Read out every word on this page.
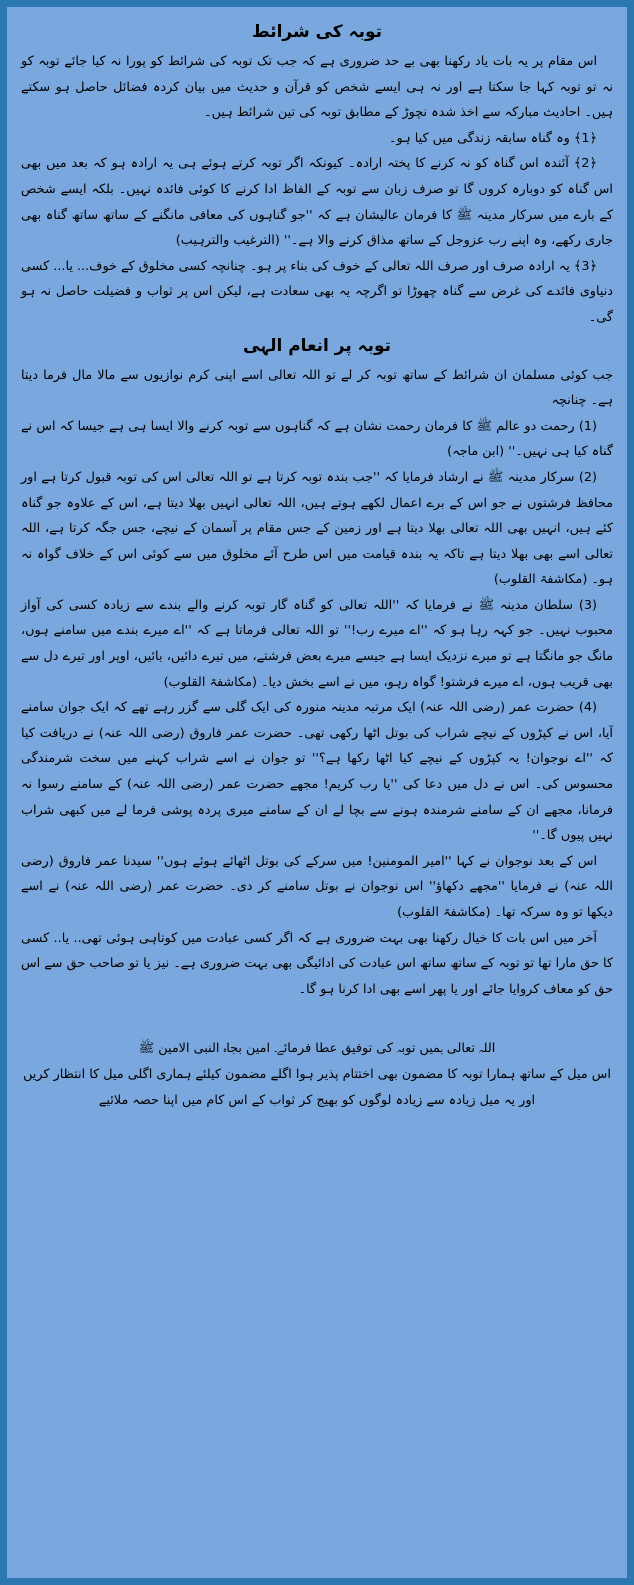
توبہ کی شرائط

اس مقام پر یہ بات یاد رکھنا بھی بے حد ضروری ہے کہ جب تک توبہ کی شرائط کو پورا نہ کیا جائے توبہ کو نہ تو توبہ کہا جا سکتا ہے اور نہ ہی ایسے شخص کو قرآن و حدیث میں بیان کردہ فضائل حاصل ہو سکتے ہیں۔ احادیث مبارکہ سے اخذ شدہ نچوڑ کے مطابق توبہ کی تین شرائط ہیں۔

﴿1﴾ وہ گناہ سابقہ زندگی میں کیا ہو۔

﴿2﴾ آئندہ اس گناہ کو نہ کرنے کا پختہ ارادہ۔ کیونکہ اگر توبہ کرتے ہوئے ہی یہ ارادہ ہو کہ بعد میں بھی اس گناہ کو دوبارہ کروں گا تو صرف زبان سے توبہ کے الفاظ ادا کرنے کا کوئی فائدہ نہیں۔ بلکہ ایسے شخص کے بارے میں سرکار مدینہ ﷺ کا فرمان عالیشان ہے کہ ''جو گناہوں کی معافی مانگنے کے ساتھ ساتھ گناہ بھی جاری رکھے، وہ اپنے رب عزوجل کے ساتھ مذاق کرنے والا ہے۔'' (الترغیب والترہیب)

﴿3﴾ یہ ارادہ صرف اور صرف اللہ تعالی کے خوف کی بناء پر ہو۔ چنانچہ کسی مخلوق کے خوف... یا... کسی دنیاوی فائدے کی غرض سے گناہ چھوڑا تو اگرچہ یہ بھی سعادت ہے، لیکن اس پر ثواب و فضیلت حاصل نہ ہو گی۔

توبہ پر انعام الہی

جب کوئی مسلمان ان شرائط کے ساتھ توبہ کر لے تو اللہ تعالی اسے اپنی کرم نوازیوں سے مالا مال فرما دیتا ہے۔ چنانچہ

(1) رحمت دو عالم ﷺ کا فرمان رحمت نشان ہے کہ گناہوں سے توبہ کرنے والا ایسا ہی ہے جیسا کہ اس نے گناہ کیا ہی نہیں۔'' (ابن ماجہ)

(2) سرکار مدینہ ﷺ نے ارشاد فرمایا کہ ''جب بندہ توبہ کرتا ہے تو اللہ تعالی اس کی توبہ قبول کرتا ہے اور محافظ فرشتوں نے جو اس کے برے اعمال لکھے ہوتے ہیں، اللہ تعالی انہیں بھلا دیتا ہے، اس کے علاوہ جو گناہ کئے ہیں، انہیں بھی اللہ تعالی بھلا دیتا ہے اور زمین کے جس مقام پر آسمان کے نیچے، جس جگہ کرتا ہے، اللہ تعالی اسے بھی بھلا دیتا ہے تاکہ یہ بندہ قیامت میں اس طرح آئے مخلوق میں سے کوئی اس کے خلاف گواہ نہ ہو۔ (مکاشفۃ القلوب)

(3) سلطان مدینہ ﷺ نے فرمایا کہ ''اللہ تعالی کو گناہ گار توبہ کرنے والے بندے سے زیادہ کسی کی آواز محبوب نہیں۔ جو کہہ رہا ہو کہ ''اے میرے رب!'' تو اللہ تعالی فرماتا ہے کہ ''اے میرے بندے میں سامنے ہوں، مانگ جو مانگتا ہے تو میرے نزدیک ایسا ہے جیسے میرے بعض فرشتے، میں تیرے دائیں، بائیں، اوپر اور تیرے دل سے بھی قریب ہوں، اے میرے فرشتو! گواہ رہو، میں نے اسے بخش دیا۔ (مکاشفۃ القلوب)

(4) حضرت عمر (رضی اللہ عنہ) ایک مرتبہ مدینہ منورہ کی ایک گلی سے گزر رہے تھے کہ ایک جوان سامنے آیا، اس نے کپڑوں کے نیچے شراب کی بوتل اٹھا رکھی تھی۔ حضرت عمر فاروق (رضی اللہ عنہ) نے دریافت کیا کہ ''اے نوجوان! یہ کپڑوں کے نیچے کیا اٹھا رکھا ہے؟'' تو جوان نے اسے شراب کہنے میں سخت شرمندگی محسوس کی۔ اس نے دل میں دعا کی ''یا رب کریم! مجھے حضرت عمر (رضی اللہ عنہ) کے سامنے رسوا نہ فرمانا، مجھے ان کے سامنے شرمندہ ہونے سے بچا لے ان کے سامنے میری پردہ پوشی فرما لے میں کبھی شراب نہیں پیوں گا۔''

اس کے بعد نوجوان نے کہا ''امیر المومنین! میں سرکے کی بوتل اٹھائے ہوئے ہوں'' سیدنا عمر فاروق (رضی اللہ عنہ) نے فرمایا ''مجھے دکھاؤ'' اس نوجوان نے بوتل سامنے کر دی۔ حضرت عمر (رضی اللہ عنہ) نے اسے دیکھا تو وہ سرکہ تھا۔ (مکاشفۃ القلوب)

آخر میں اس بات کا خیال رکھنا بھی بہت ضروری ہے کہ اگر کسی عبادت میں کوتاہی ہوئی تھی.. یا.. کسی کا حق مارا تھا تو توبہ کے ساتھ ساتھ اس عبادت کی ادائیگی بھی بہت ضروری ہے۔ نیز یا تو صاحب حق سے اس حق کو معاف کروایا جائے اور یا پھر اسے بھی ادا کرنا ہو گا۔

اللہ تعالی ہمیں توبہ کی توفیق عطا فرمائے۔ امین بجاہ النبی الامین ﷺ

اس میل کے ساتھ ہمارا توبہ کا مضمون بھی اختتام پذیر ہوا اگلے مضمون کیلئے ہماری اگلی میل کا انتظار کریں اور یہ میل زیادہ سے زیادہ لوگوں کو بھیج کر ثواب کے اس کام میں اپنا حصہ ملائیے
